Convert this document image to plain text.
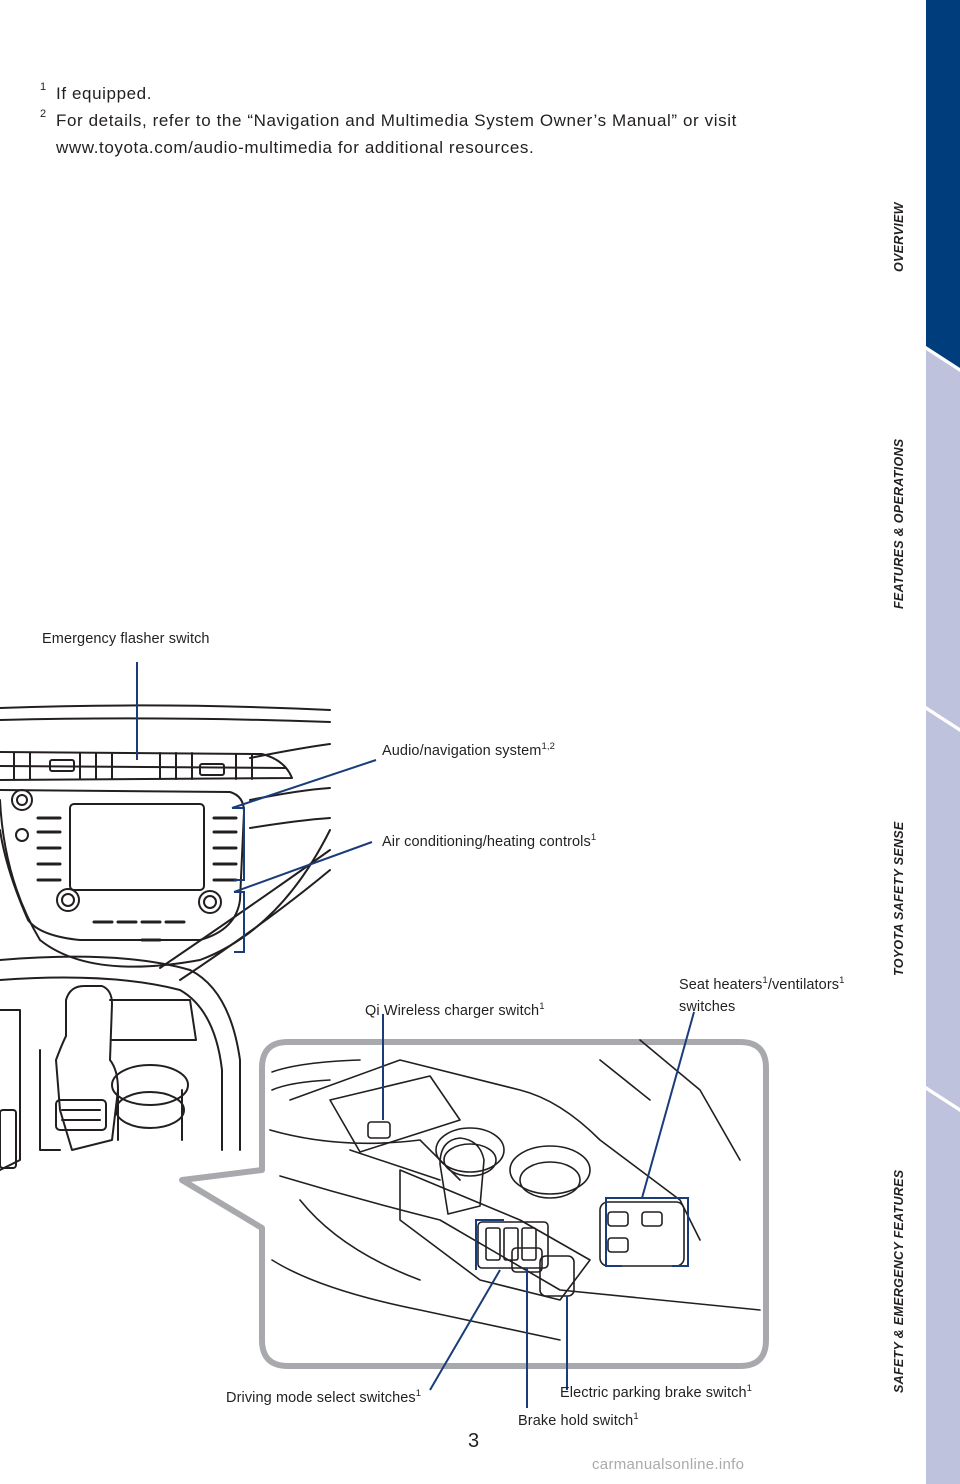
1 If equipped.
2 For details, refer to the “Navigation and Multimedia System Owner’s Manual” or visit
www.toyota.com/audio-multimedia for additional resources.
OVERVIEW
FEATURES & OPERATIONS
TOYOTA SAFETY SENSE
SAFETY & EMERGENCY FEATURES
Emergency flasher switch
Audio/navigation system$^{1,2}$
Air conditioning/heating controls$^1$
Qi Wireless charger switch$^1$
Seat heaters$^1$/ventilators$^1$
switches
Driving mode select switches$^1$	Electric parking brake switch$^1$
Brake hold switch$^1$
3
carmanualsonline.info
